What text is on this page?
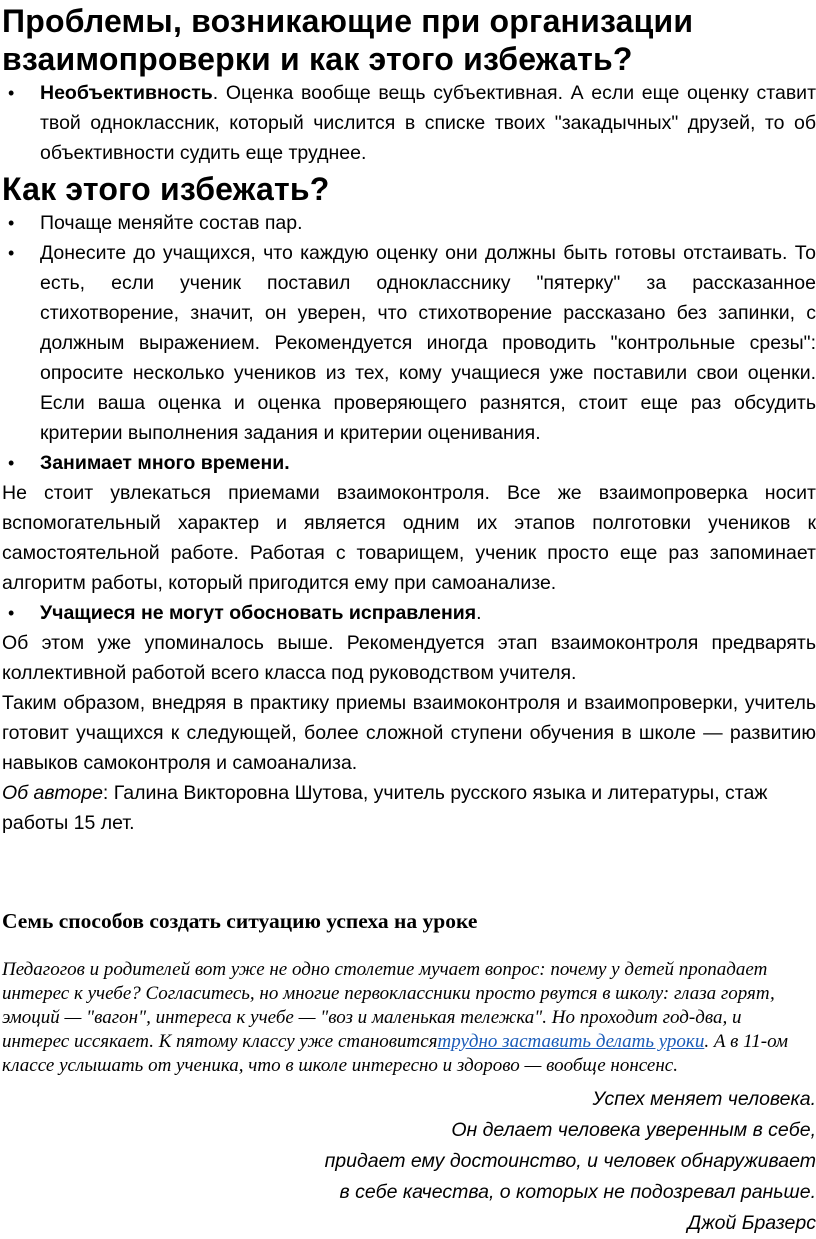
Проблемы, возникающие при организации взаимопроверки и как этого избежать?
• Необъективность. Оценка вообще вещь субъективная. А если еще оценку ставит твой одноклассник, который числится в списке твоих "закадычных" друзей, то об объективности судить еще труднее.
Как этого избежать?
• Почаще меняйте состав пар.
• Донесите до учащихся, что каждую оценку они должны быть готовы отстаивать. То есть, если ученик поставил однокласснику "пятерку" за рассказанное стихотворение, значит, он уверен, что стихотворение рассказано без запинки, с должным выражением. Рекомендуется иногда проводить "контрольные срезы": опросите несколько учеников из тех, кому учащиеся уже поставили свои оценки. Если ваша оценка и оценка проверяющего разнятся, стоит еще раз обсудить критерии выполнения задания и критерии оценивания.
• Занимает много времени.

Не стоит увлекаться приемами взаимоконтроля. Все же взаимопроверка носит вспомогательный характер и является одним их этапов полготовки учеников к самостоятельной работе. Работая с товарищем, ученик просто еще раз запоминает алгоритм работы, который пригодится ему при самоанализе.

• Учащиеся не могут обосновать исправления.

Об этом уже упоминалось выше. Рекомендуется этап взаимоконтроля предварять коллективной работой всего класса под руководством учителя.

Таким образом, внедряя в практику приемы взаимоконтроля и взаимопроверки, учитель готовит учащихся к следующей, более сложной ступени обучения в школе — развитию навыков самоконтроля и самоанализа.

Об авторе: Галина Викторовна Шутова, учитель русского языка и литературы, стаж работы 15 лет.

Семь способов создать ситуацию успеха на уроке

Педагогов и родителей вот уже не одно столетие мучает вопрос: почему у детей пропадает интерес к учебе? Согласитесь, но многие первоклассники просто рвутся в школу: глаза горят, эмоций — "вагон", интереса к учебе — "воз и маленькая тележка". Но проходит год-два, и интерес иссякает. К пятому классу уже становитсятрудно заставить делать уроки. А в 11-ом классе услышать от ученика, что в школе интересно и здорово — вообще нонсенс.

Успех меняет человека.
Он делает человека уверенным в себе,
придает ему достоинство, и человек обнаруживает
в себе качества, о которых не подозревал раньше.
Джой Бразерс
